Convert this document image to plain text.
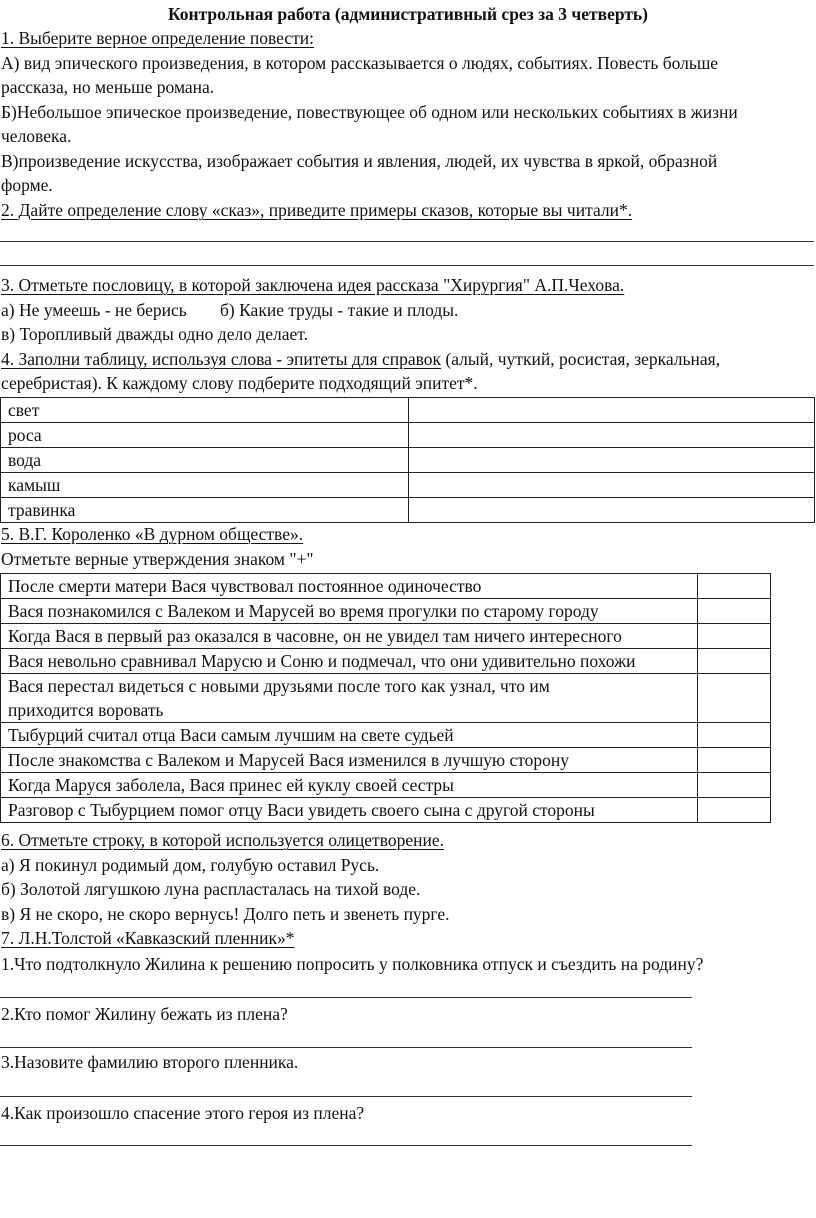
Контрольная работа (административный срез за 3 четверть)
1. Выберите верное определение повести:
А) вид эпического произведения, в котором рассказывается о людях, событиях. Повесть больше
рассказа, но меньше романа.
Б)Небольшое эпическое произведение, повествующее об одном или нескольких событиях в жизни
человека.
В)произведение искусства, изображает события и явления, людей, их чувства в яркой, образной
форме.
2. Дайте определение слову «сказ», приведите примеры сказов, которые вы читали*.
3. Отметьте пословицу, в которой заключена идея рассказа "Хирургия" А.П.Чехова.
а) Не умеешь - не берись б) Какие труды - такие и плоды.
в) Торопливый дважды одно дело делает.
4. Заполни таблицу, используя слова - эпитеты для справок (алый, чуткий, росистая, зеркальная,
серебристая). К каждому слову подберите подходящий эпитет*.
свет	
роса	
вода	
камыш	
травинка	
5. В.Г. Короленко «В дурном обществе».
Отметьте верные утверждения знаком "+"
После смерти матери Вася чувствовал постоянное одиночество	
Вася познакомился с Валеком и Марусей во время прогулки по старому городу	
Когда Вася в первый раз оказался в часовне, он не увидел там ничего интересного	
Вася невольно сравнивал Марусю и Соню и подмечал, что они удивительно похожи	

Вася перестал видеться с новыми друзьями после того как узнал, что им
приходится воровать	

Тыбурций считал отца Васи самым лучшим на свете судьей	
После знакомства с Валеком и Марусей Вася изменился в лучшую сторону	
Когда Маруся заболела, Вася принес ей куклу своей сестры	
Разговор с Тыбурцием помог отцу Васи увидеть своего сына с другой стороны	
6. Отметьте строку, в которой используется олицетворение.
а) Я покинул родимый дом, голубую оставил Русь.
б) Золотой лягушкою луна распласталась на тихой воде.
в) Я не скоро, не скоро вернусь! Долго петь и звенеть пурге.
7. Л.Н.Толстой «Кавказский пленник»*
1.Что подтолкнуло Жилина к решению попросить у полковника отпуск и съездить на родину?
2.Кто помог Жилину бежать из плена?
3.Назовите фамилию второго пленника.
4.Как произошло спасение этого героя из плена?
